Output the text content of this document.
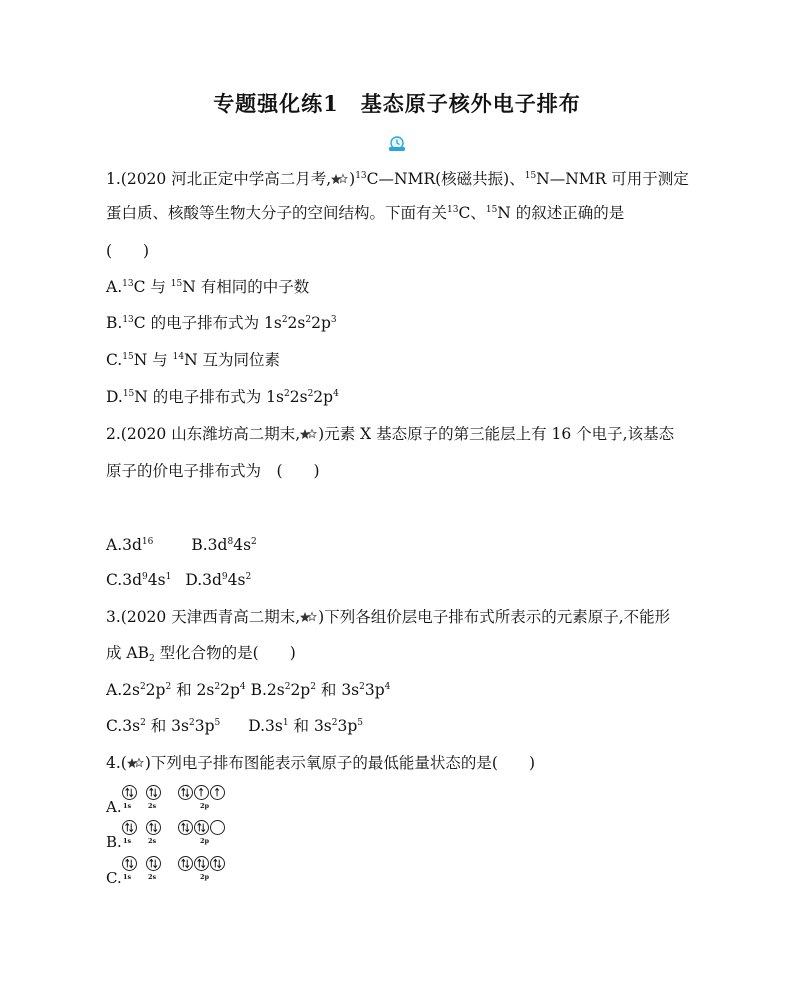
专题强化练1　基态原子核外电子排布
1.(2020 河北正定中学高二月考, )$^{13}$C—NMR(核磁共振)、$^{15}$N—NMR 可用于测定
蛋白质、核酸等生物大分子的空间结构。下面有关$^{13}$C、$^{15}$N 的叙述正确的是
(　　)
A.$^{13}$C 与 $^{15}$N 有相同的中子数
B.$^{13}$C 的电子排布式为 $1s^22s^22p^3$
C.$^{15}$N 与 $^{14}$N 互为同位素
D.$^{15}$N 的电子排布式为 $1s^22s^22p^4$
2.(2020 山东潍坊高二期末, )元素 X 基态原子的第三能层上有 16 个电子,该基态
原子的价电子排布式为　(　　)
$A.3d^{16}$ $B.3d^84s^2$
$C.3d^94s^1$ $D.3d^94s^2$
3.(2020 天津西青高二期末, )下列各组价层电子排布式所表示的元素原子,不能形
成 $AB_2$ 型化合物的是(　　)
$A.2s^22p^2$ 和 $2s^22p^4$ $B.2s^22p^2$ 和 $3s^23p^4$
$C.3s^2$ 和 $3s^23p^5$ $D.3s^1$ 和 $3s^23p^5$
4.( )下列电子排布图能表示氧原子的最低能量状态的是(　　)
A. 1s	2s	2p
B. 1s	2s	2p
C. 1s	2s	2p
